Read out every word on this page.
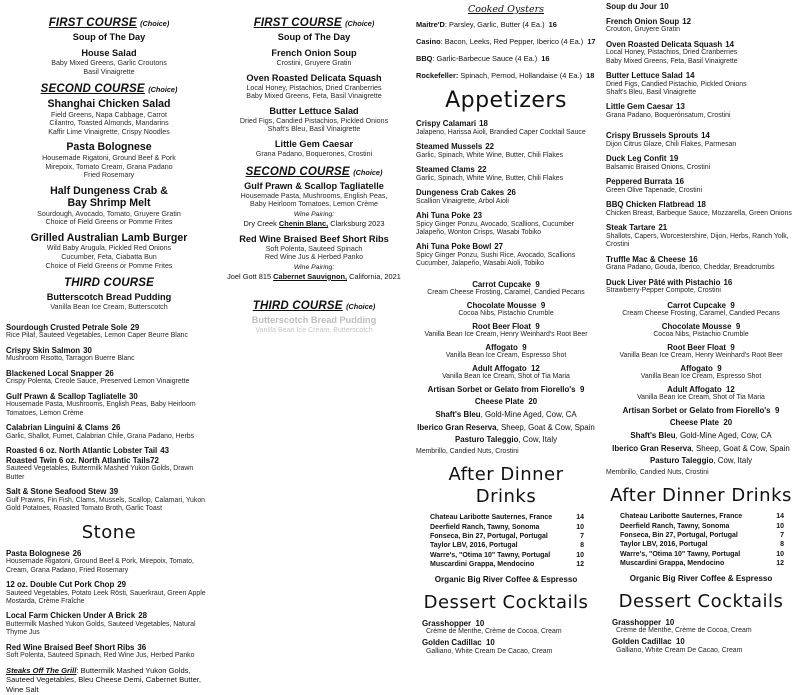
FIRST COURSE (Choice)
Soup of The Day
House Salad
Baby Mixed Greens, Garlic Croutons
Basil Vinaigrette
SECOND COURSE (Choice)
Shanghai Chicken Salad
Field Greens, Napa Cabbage, Carrot
Cilantro, Toasted Almonds, Mandarins
Kaffir Lime Vinaigrette, Crispy Noodles
Pasta Bolognese
Housemade Rigatoni, Ground Beef & Pork
Mirepoix, Tomato Cream, Grana Padano
Fried Rosemary
Half Dungeness Crab &
Bay Shrimp Melt
Sourdough, Avocado, Tomato, Gruyere Gratin
Choice of Field Greens or Pomme Frites
Grilled Australian Lamb Burger
Wild Baby Arugula, Pickled Red Onions
Cucumber, Feta, Ciabatta Bun
Choice of Field Greens or Pomme Frites
THIRD COURSE
Butterscotch Bread Pudding
Vanilla Bean Ice Cream, Butterscotch
Sourdough Crusted Petrale Sole 29
Rice Pilaf, Sauteed Vegetables, Lemon Caper Beurre Blanc
Crispy Skin Salmon 30
Mushroom Risotto, Tarragon Buerre Blanc
Blackened Local Snapper 26
Crispy Polenta, Creole Sauce, Preserved Lemon Vinaigrette
Gulf Prawn & Scallop Tagliatelle 30
Housemade Pasta, Mushrooms, English Peas, Baby Heirloom Tomatoes, Lemon Crème
Calabrian Linguini & Clams 26
Garlic, Shallot, Fumet, Calabrian Chile, Grana Padano, Herbs
Roasted 6 oz. North Atlantic Lobster Tail 43
Roasted Twin 6 oz. North Atlantic Tails72
Sauteed Vegetables, Buttermilk Mashed Yukon Golds, Drawn Butter
Salt & Stone Seafood Stew 39
Gulf Prawns, Fin Fish, Clams, Mussels, Scallop, Calamari, Yukon Gold Potatoes, Roasted Tomato Broth, Garlic Toast
Stone
Pasta Bolognese 26
Housemade Rigatoni, Ground Beef & Pork, Mirepoix, Tomato, Cream, Grana Padano, Fried Rosemary
12 oz. Double Cut Pork Chop 29
Sauteed Vegetables, Potato Leek Rösti, Sauerkraut, Green Apple Mostarda, Crème Fraîche
Local Farm Chicken Under A Brick 28
Buttermilk Mashed Yukon Golds, Sauteed Vegetables, Natural Thyme Jus
Red Wine Braised Beef Short Ribs 36
Soft Polenta, Sauteed Spinach, Red Wine Jus, Herbed Panko
Steaks Off The Grill: Buttermilk Mashed Yukon Golds, Sauteed Vegetables, Bleu Cheese Demi, Cabernet Butter, Wine Salt
FIRST COURSE (Choice)
Soup of The Day
French Onion Soup
Crostini, Gruyere Gratin
Oven Roasted Delicata Squash
Local Honey, Pistachios, Dried Cranberries
Baby Mixed Greens, Feta, Basil Vinaigrette
Butter Lettuce Salad
Dried Figs, Candied Pistachios, Pickled Onions
Shaft's Bleu, Basil Vinaigrette
Little Gem Caesar
Grana Padano, Boquerones, Crostini
SECOND COURSE (Choice)
Gulf Prawn & Scallop Tagliatelle
Housemade Pasta, Mushrooms, English Peas,
Baby Heirloom Tomatoes, Lemon Crème
Wine Pairing:
Dry Creek Chenin Blanc, Clarksburg 2023
Red Wine Braised Beef Short Ribs
Soft Polenta, Sauteed Spinach
Red Wine Jus & Herbed Panko
Wine Pairing:
Joel Gott 815 Cabernet Sauvignon, California, 2021
THIRD COURSE (Choice)
Butterscotch Bread Pudding
Vanilla Bean Ice Cream, Butterscotch
Cooked Oysters
Maitre'D: Parsley, Garlic, Butter (4 Ea.) 16
Casino: Bacon, Leeks, Red Pepper, Iberico (4 Ea.) 17
BBQ: Garlic-Barbecue Sauce (4 Ea.) 16
Rockefeller: Spinach, Pernod, Hollandaise (4 Ea.) 18
Appetizers
Crispy Calamari 18
Jalapeno, Harissa Aioli, Brandied Caper Cocktail Sauce
Steamed Mussels 22
Garlic, Spinach, White Wine, Butter, Chili Flakes
Steamed Clams 22
Garlic, Spinach, White Wine, Butter, Chili Flakes
Dungeness Crab Cakes 26
Scallion Vinaigrette, Arbol Aioli
Ahi Tuna Poke 23
Spicy Ginger Ponzu, Avocado, Scallions, Cucumber
Jalapeño, Wonton Crisps, Wasabi Tobiko
Ahi Tuna Poke Bowl 27
Spicy Ginger Ponzu, Sushi Rice, Avocado, Scallions
Cucumber, Jalapeño, Wasabi Aioli, Tobiko
Carrot Cupcake  9
Cream Cheese Frosting, Caramel, Candied Pecans
Chocolate Mousse  9
Cocoa Nibs, Pistachio Crumble
Root Beer Float  9
Vanilla Bean Ice Cream, Henry Weinhard's Root Beer
Affogato  9
Vanilla Bean Ice Cream, Espresso Shot
Adult Affogato  12
Vanilla Bean Ice Cream, Shot of Tia Maria
Artisan Sorbet or Gelato from Fiorello's  9
Cheese Plate  20
Shaft's Bleu, Gold-Mine Aged, Cow, CA
Iberico Gran Reserva, Sheep, Goat & Cow, Spain
Pasturo Taleggio, Cow, Italy
Membrillo, Candied Nuts, Crostini
After Dinner Drinks
Chateau Laribotte Sauternes, France	14
Deerfield Ranch, Tawny, Sonoma	10
Fonseca, Bin 27, Portugal, Portugal	7
Taylor LBV, 2016, Portugal	8
Warre's, "Otima 10" Tawny, Portugal	10
Muscardini Grappa, Mendocino	12
Organic Big River Coffee & Espresso
Dessert Cocktails
Grasshopper  10
Crème de Menthe, Crème de Cocoa, Cream
Golden Cadillac  10
Galliano, White Cream De Cacao, Cream
Soup du Jour 10
French Onion Soup 12
Crouton, Gruyere Gratin
Oven Roasted Delicata Squash 14
Local Honey, Pistachios, Dried Cranberries
Baby Mixed Greens, Feta, Basil Vinaigrette
Butter Lettuce Salad 14
Dried Figs, Candied Pistachio, Pickled Onions
Shaft's Bleu, Basil Vinaigrette
Little Gem Caesar 13
Grana Padano, Boquerónsatum, Crostini
Crispy Brussels Sprouts 14
Dijon Citrus Glaze, Chili Flakes, Parmesan
Duck Leg Confit 19
Balsamic Braised Onions, Crostini
Peppered Burrata 16
Green Olive Tapenade, Crostini
BBQ Chicken Flatbread 18
Chicken Breast, Barbeque Sauce, Mozzarella, Green Onions
Steak Tartare 21
Shallots, Capers, Worcestershire, Dijon, Herbs, Ranch Yolk, Crostini
Truffle Mac & Cheese 16
Grana Padano, Gouda, Iberico, Cheddar, Breadcrumbs
Duck Liver Pâté with Pistachio 16
Strawberry-Pepper Compote, Crostini
Carrot Cupcake  9
Cream Cheese Frosting, Caramel, Candied Pecans
Chocolate Mousse  9
Cocoa Nibs, Pistachio Crumble
Root Beer Float  9
Vanilla Bean Ice Cream, Henry Weinhard's Root Beer
Affogato  9
Vanilla Bean Ice Cream, Espresso Shot
Adult Affogato  12
Vanilla Bean Ice Cream, Shot of Tia Maria
Artisan Sorbet or Gelato from Fiorello's  9
Cheese Plate  20
Shaft's Bleu, Gold-Mine Aged, Cow, CA
Iberico Gran Reserva, Sheep, Goat & Cow, Spain
Pasturo Taleggio, Cow, Italy
Membrillo, Candied Nuts, Crostini
After Dinner Drinks
Chateau Laribotte Sauternes, France	14
Deerfield Ranch, Tawny, Sonoma	10
Fonseca, Bin 27, Portugal, Portugal	7
Taylor LBV, 2016, Portugal	8
Warre's, "Otima 10" Tawny, Portugal	10
Muscardini Grappa, Mendocino	12
Organic Big River Coffee & Espresso
Dessert Cocktails
Grasshopper  10
Crème de Menthe, Crème de Cocoa, Cream
Golden Cadillac  10
Galliano, White Cream De Cacao, Cream
